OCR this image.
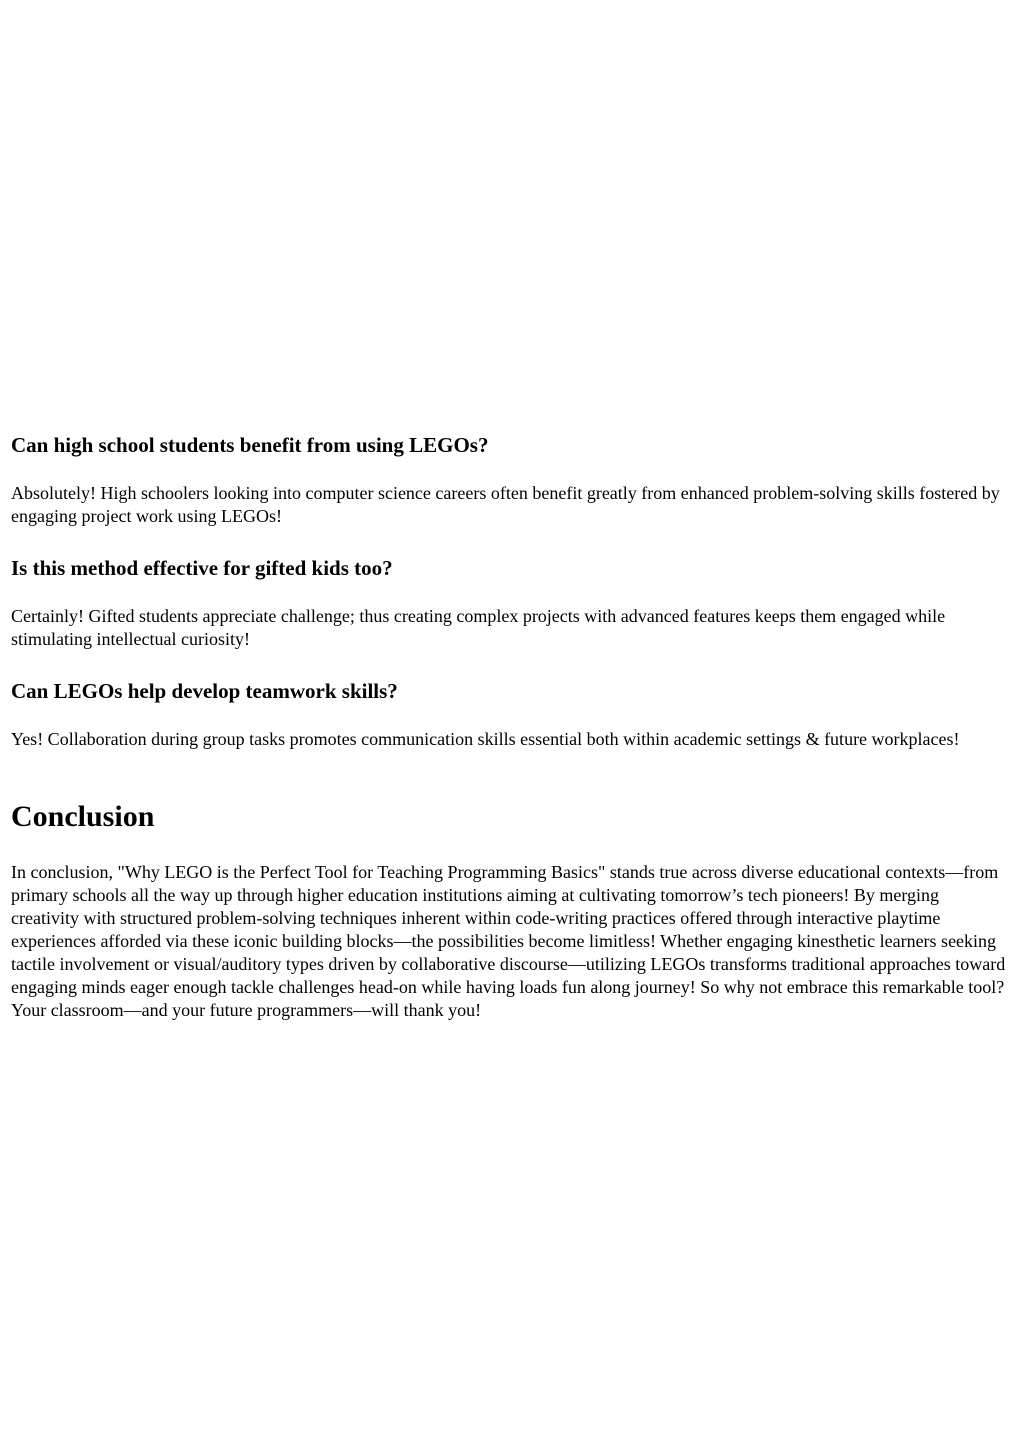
Can high school students benefit from using LEGOs?

Absolutely! High schoolers looking into computer science careers often benefit greatly from enhanced problem-solving skills fostered by engaging project work using LEGOs!

Is this method effective for gifted kids too?

Certainly! Gifted students appreciate challenge; thus creating complex projects with advanced features keeps them engaged while stimulating intellectual curiosity!

Can LEGOs help develop teamwork skills?

Yes! Collaboration during group tasks promotes communication skills essential both within academic settings & future workplaces!

Conclusion

In conclusion, "Why LEGO is the Perfect Tool for Teaching Programming Basics" stands true across diverse educational contexts—from primary schools all the way up through higher education institutions aiming at cultivating tomorrow’s tech pioneers! By merging creativity with structured problem-solving techniques inherent within code-writing practices offered through interactive playtime experiences afforded via these iconic building blocks—the possibilities become limitless! Whether engaging kinesthetic learners seeking tactile involvement or visual/auditory types driven by collaborative discourse—utilizing LEGOs transforms traditional approaches toward engaging minds eager enough tackle challenges head-on while having loads fun along journey! So why not embrace this remarkable tool? Your classroom—and your future programmers—will thank you!
